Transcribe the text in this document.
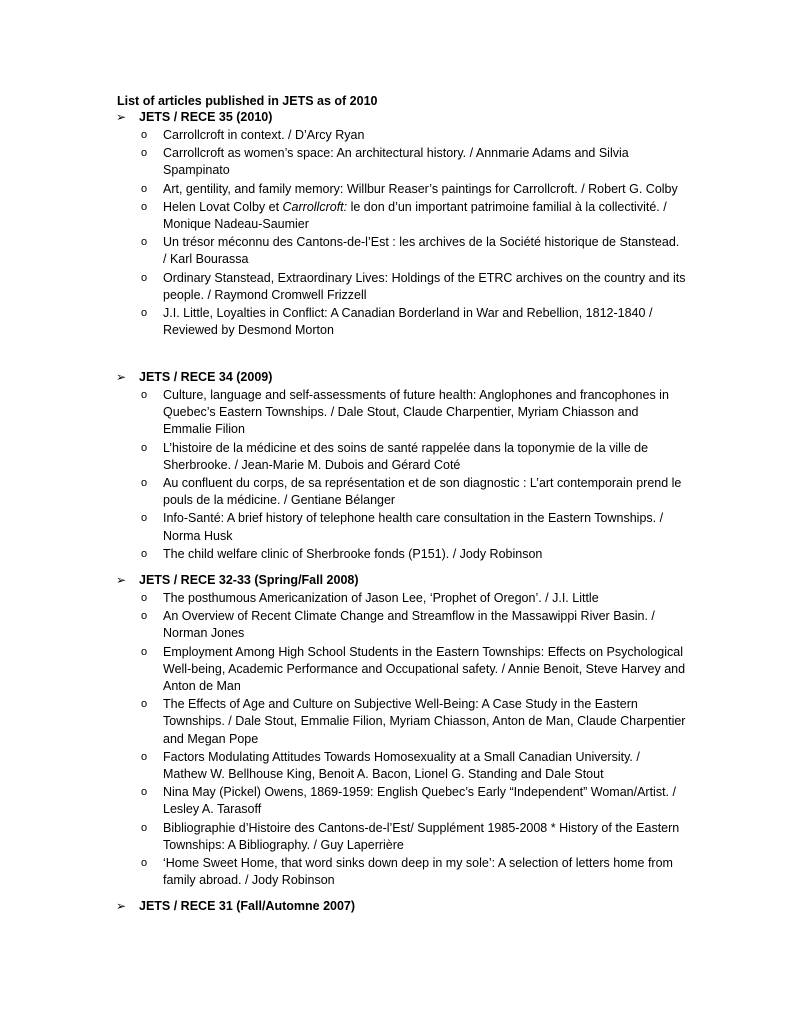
List of articles published in JETS as of 2010
➢ JETS / RECE 35 (2010)
o Carrollcroft in context. / D’Arcy Ryan
o Carrollcroft as women’s space: An architectural history. / Annmarie Adams and Silvia Spampinato
o Art, gentility, and family memory: Willbur Reaser’s paintings for Carrollcroft. / Robert G. Colby
o Helen Lovat Colby et Carrollcroft: le don d’un important patrimoine familial à la collectivité. / Monique Nadeau-Saumier
o Un trésor méconnu des Cantons-de-l’Est : les archives de la Société historique de Stanstead. / Karl Bourassa
o Ordinary Stanstead, Extraordinary Lives: Holdings of the ETRC archives on the country and its people. / Raymond Cromwell Frizzell
o J.I. Little, Loyalties in Conflict: A Canadian Borderland in War and Rebellion, 1812-1840 / Reviewed by Desmond Morton
➢ JETS / RECE 34 (2009)
o Culture, language and self-assessments of future health: Anglophones and francophones in Quebec’s Eastern Townships. / Dale Stout, Claude Charpentier, Myriam Chiasson and Emmalie Filion
o L’histoire de la médicine et des soins de santé rappelée dans la toponymie de la ville de Sherbrooke. / Jean-Marie M. Dubois and Gérard Coté
o Au confluent du corps, de sa représentation et de son diagnostic : L’art contemporain prend le pouls de la médicine. / Gentiane Bélanger
o Info-Santé: A brief history of telephone health care consultation in the Eastern Townships. / Norma Husk
o The child welfare clinic of Sherbrooke fonds (P151). / Jody Robinson
➢ JETS / RECE 32-33 (Spring/Fall 2008)
o The posthumous Americanization of Jason Lee, ‘Prophet of Oregon’. / J.I. Little
o An Overview of Recent Climate Change and Streamflow in the Massawippi River Basin. / Norman Jones
o Employment Among High School Students in the Eastern Townships: Effects on Psychological Well-being, Academic Performance and Occupational safety. / Annie Benoit, Steve Harvey and Anton de Man
o The Effects of Age and Culture on Subjective Well-Being: A Case Study in the Eastern Townships. / Dale Stout, Emmalie Filion, Myriam Chiasson, Anton de Man, Claude Charpentier and Megan Pope
o Factors Modulating Attitudes Towards Homosexuality at a Small Canadian University. / Mathew W. Bellhouse King, Benoit A. Bacon, Lionel G. Standing and Dale Stout
o Nina May (Pickel) Owens, 1869-1959: English Quebec’s Early “Independent” Woman/Artist. / Lesley A. Tarasoff
o Bibliographie d’Histoire des Cantons-de-l’Est/ Supplément 1985-2008 * History of the Eastern Townships: A Bibliography. / Guy Laperrière
o ‘Home Sweet Home, that word sinks down deep in my sole’: A selection of letters home from family abroad. / Jody Robinson
➢ JETS / RECE 31 (Fall/Automne 2007)
